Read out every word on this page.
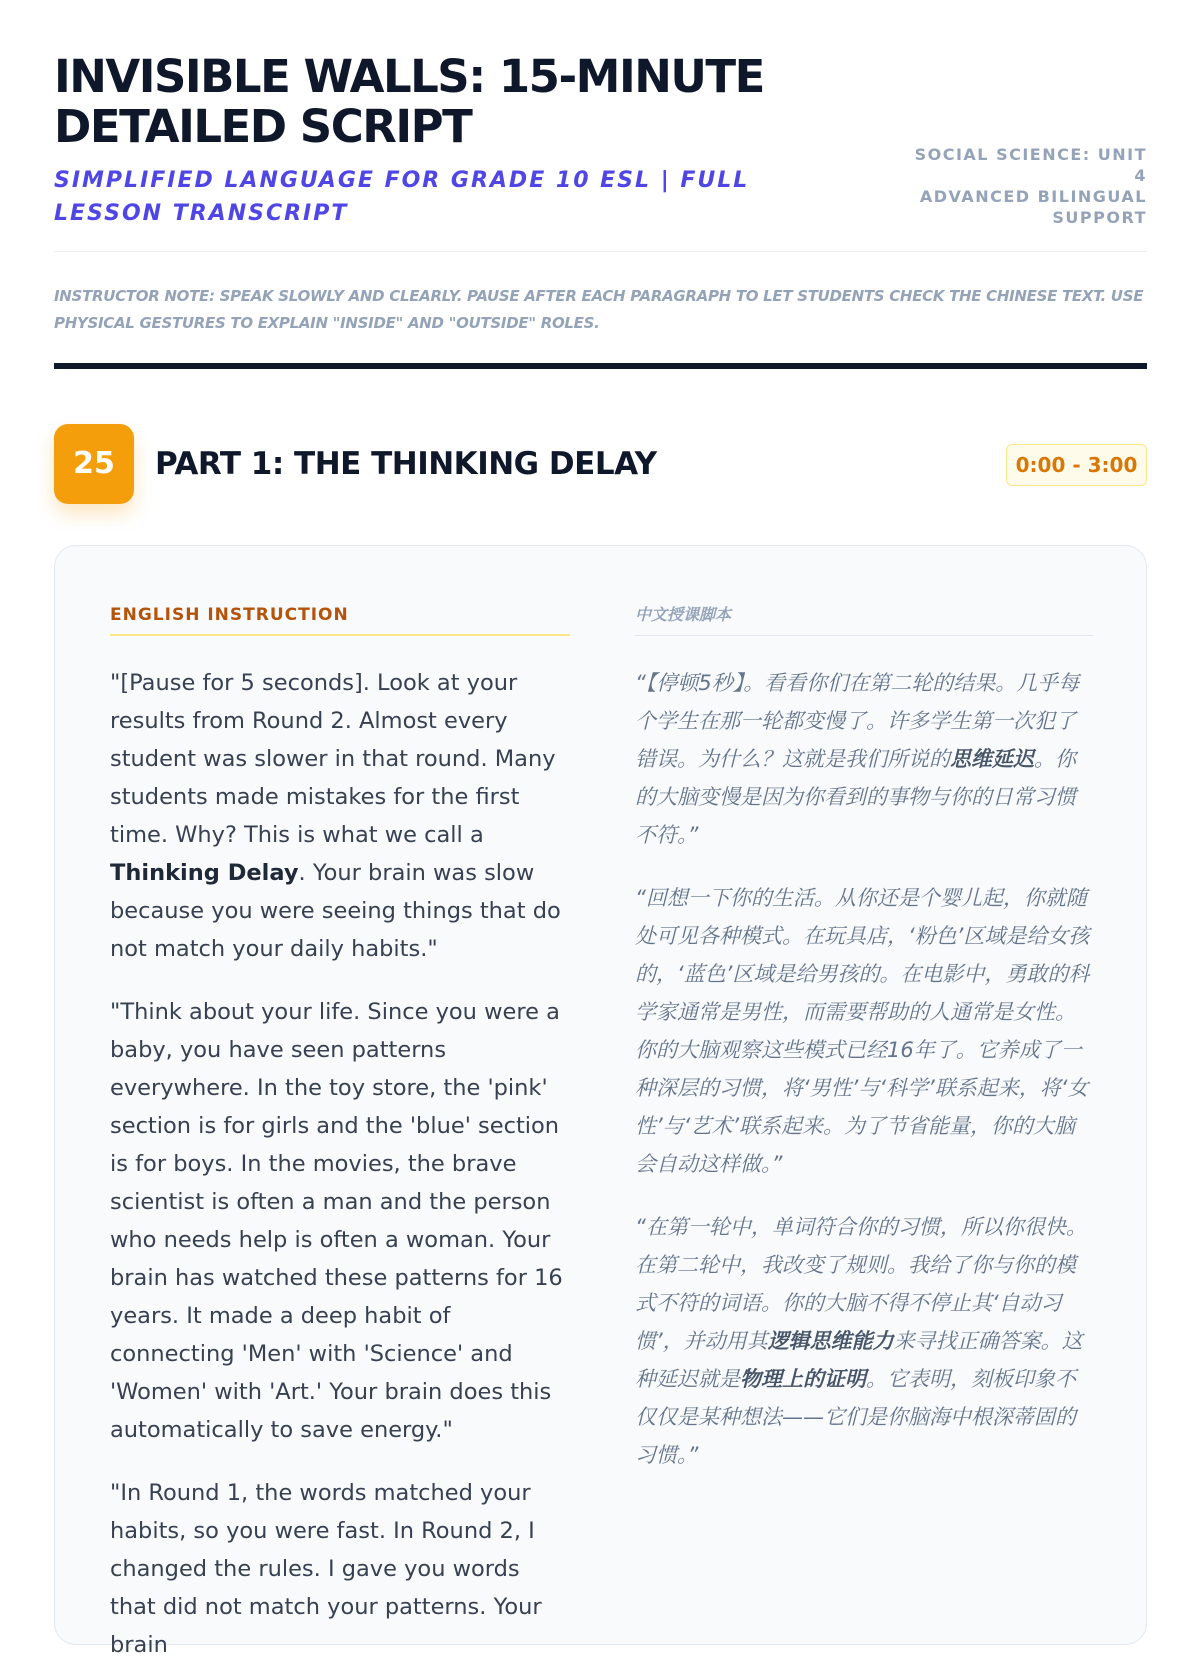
INVISIBLE WALLS: 15-MINUTE DETAILED SCRIPT
SIMPLIFIED LANGUAGE FOR GRADE 10 ESL | FULL LESSON TRANSCRIPT
SOCIAL SCIENCE: UNIT 4
ADVANCED BILINGUAL SUPPORT
INSTRUCTOR NOTE: SPEAK SLOWLY AND CLEARLY. PAUSE AFTER EACH PARAGRAPH TO LET STUDENTS CHECK THE CHINESE TEXT. USE PHYSICAL GESTURES TO EXPLAIN "INSIDE" AND "OUTSIDE" ROLES.
25	PART 1: THE THINKING DELAY	0:00 - 3:00
ENGLISH INSTRUCTION

"[Pause for 5 seconds]. Look at your results from Round 2. Almost every student was slower in that round. Many students made mistakes for the first time. Why? This is what we call a Thinking Delay. Your brain was slow because you were seeing things that do not match your daily habits."

"Think about your life. Since you were a baby, you have seen patterns everywhere. In the toy store, the 'pink' section is for girls and the 'blue' section is for boys. In the movies, the brave scientist is often a man and the person who needs help is often a woman. Your brain has watched these patterns for 16 years. It made a deep habit of connecting 'Men' with 'Science' and 'Women' with 'Art.' Your brain does this automatically to save energy."

"In Round 1, the words matched your habits, so you were fast. In Round 2, I changed the rules. I gave you words that did not match your patterns. Your brain

中文授课脚本

“【停顿5秒】。看看你们在第二轮的结果。几乎每个学生在那一轮都变慢了。许多学生第一次犯了错误。为什么？这就是我们所说的思维延迟。你的大脑变慢是因为你看到的事物与你的日常习惯不符。”

“回想一下你的生活。从你还是个婴儿起，你就随处可见各种模式。在玩具店，‘粉色’区域是给女孩的，‘蓝色’区域是给男孩的。在电影中，勇敢的科学家通常是男性，而需要帮助的人通常是女性。你的大脑观察这些模式已经16年了。它养成了一种深层的习惯，将‘男性’与‘科学’联系起来，将‘女性’与‘艺术’联系起来。为了节省能量，你的大脑会自动这样做。”

“在第一轮中，单词符合你的习惯，所以你很快。在第二轮中，我改变了规则。我给了你与你的模式不符的词语。你的大脑不得不停止其‘自动习惯’，并动用其逻辑思维能力来寻找正确答案。这种延迟就是物理上的证明。它表明，刻板印象不仅仅是某种想法——它们是你脑海中根深蒂固的习惯。”
